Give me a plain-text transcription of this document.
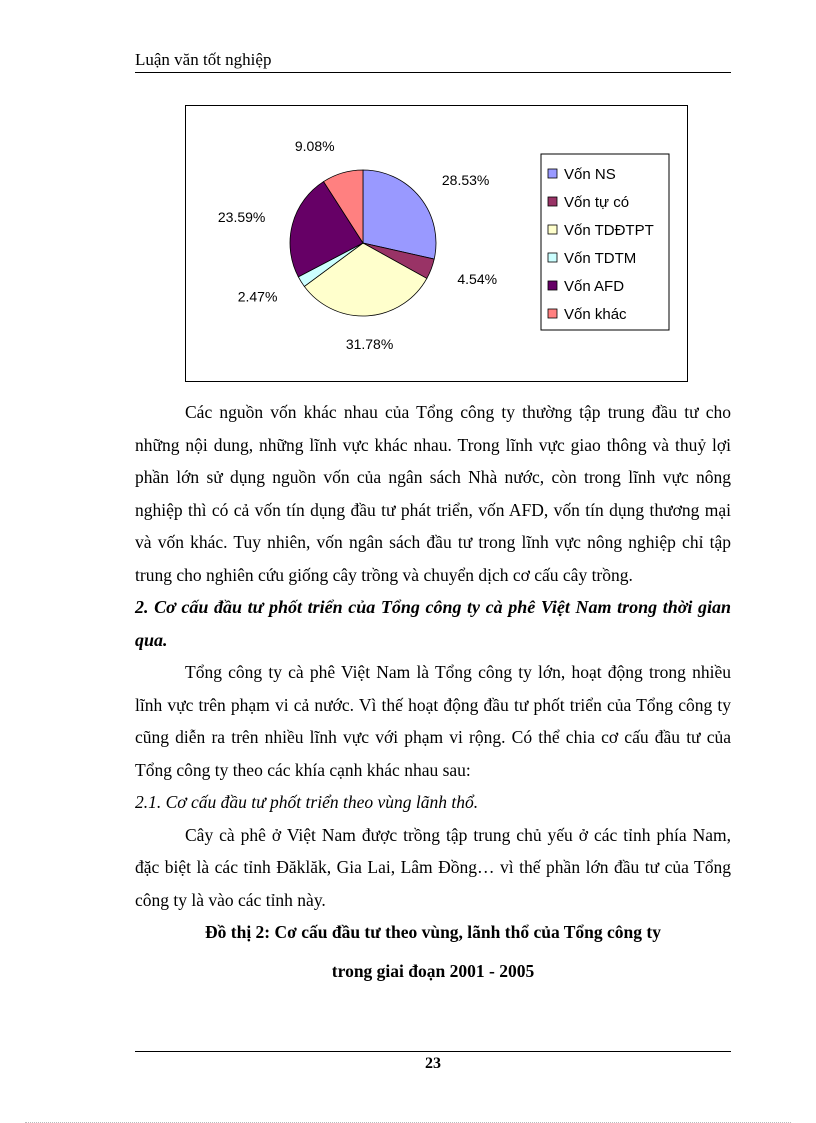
Luận văn tốt nghiệp
28.53%
4.54%
31.78%
2.47%
23.59%
9.08%
Vốn NS
Vốn tự có
Vốn TDĐTPT
Vốn TDTM
Vốn AFD
Vốn khác

Các nguồn vốn khác nhau của Tổng công ty thường tập trung đầu tư cho những nội dung, những lĩnh vực khác nhau. Trong lĩnh vực giao thông và thuỷ lợi phần lớn sử dụng nguồn vốn của ngân sách Nhà nước, còn trong lĩnh vực nông nghiệp thì có cả vốn tín dụng đầu tư phát triển, vốn AFD, vốn tín dụng thương mại và vốn khác. Tuy nhiên, vốn ngân sách đầu tư trong lĩnh vực nông nghiệp chỉ tập trung cho nghiên cứu giống cây trồng và chuyển dịch cơ cấu cây trồng.

2. Cơ cấu đầu tư phốt triển của Tổng công ty cà phê Việt Nam trong thời gian qua.

Tổng công ty cà phê Việt Nam là Tổng công ty lớn, hoạt động trong nhiều lĩnh vực trên phạm vi cả nước. Vì thế hoạt động đầu tư phốt triển của Tổng công ty cũng diễn ra trên nhiều lĩnh vực với phạm vi rộng. Có thể chia cơ cấu đầu tư của Tổng công ty theo các khía cạnh khác nhau sau:

2.1. Cơ cấu đầu tư phốt triển theo vùng lãnh thổ.

Cây cà phê ở Việt Nam được trồng tập trung chủ yếu ở các tỉnh phía Nam, đặc biệt là các tỉnh Đăklăk, Gia Lai, Lâm Đồng… vì thế phần lớn đầu tư của Tổng công ty là vào các tỉnh này.

Đồ thị 2: Cơ cấu đầu tư theo vùng, lãnh thổ của Tổng công ty

trong giai đoạn 2001 - 2005

23
